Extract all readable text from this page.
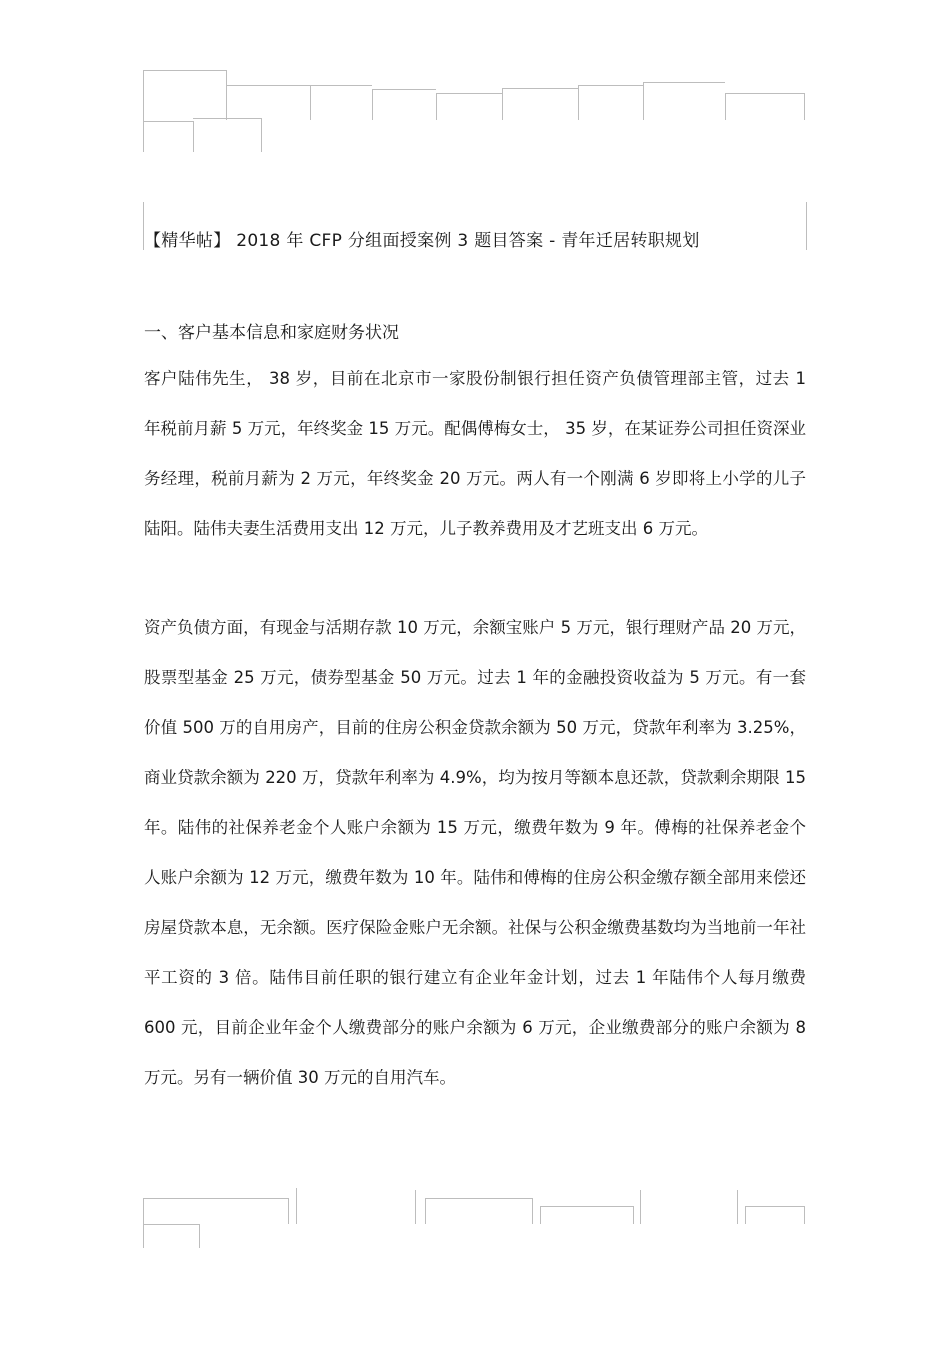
【精华帖】 2018 年 CFP 分组面授案例 3 题目答案 - 青年迁居转职规划
一、客户基本信息和家庭财务状况
客户陆伟先生， 38 岁，目前在北京市一家股份制银行担任资产负债管理部主管，过去 1 年税前月薪 5 万元，年终奖金 15 万元。配偶傅梅女士， 35 岁，在某证券公司担任资深业务经理，税前月薪为 2 万元，年终奖金 20 万元。两人有一个刚满 6 岁即将上小学的儿子陆阳。陆伟夫妻生活费用支出 12 万元，儿子教养费用及才艺班支出 6 万元。
资产负债方面，有现金与活期存款 10 万元，余额宝账户 5 万元，银行理财产品 20 万元，股票型基金 25 万元，债券型基金 50 万元。过去 1 年的金融投资收益为 5 万元。有一套价值 500 万的自用房产，目前的住房公积金贷款余额为 50 万元，贷款年利率为 3.25%，商业贷款余额为 220 万，贷款年利率为 4.9%，均为按月等额本息还款，贷款剩余期限 15 年。陆伟的社保养老金个人账户余额为 15 万元，缴费年数为 9 年。傅梅的社保养老金个人账户余额为 12 万元，缴费年数为 10 年。陆伟和傅梅的住房公积金缴存额全部用来偿还房屋贷款本息，无余额。医疗保险金账户无余额。社保与公积金缴费基数均为当地前一年社平工资的 3 倍。陆伟目前任职的银行建立有企业年金计划，过去 1 年陆伟个人每月缴费 600 元，目前企业年金个人缴费部分的账户余额为 6 万元，企业缴费部分的账户余额为 8 万元。另有一辆价值 30 万元的自用汽车。
